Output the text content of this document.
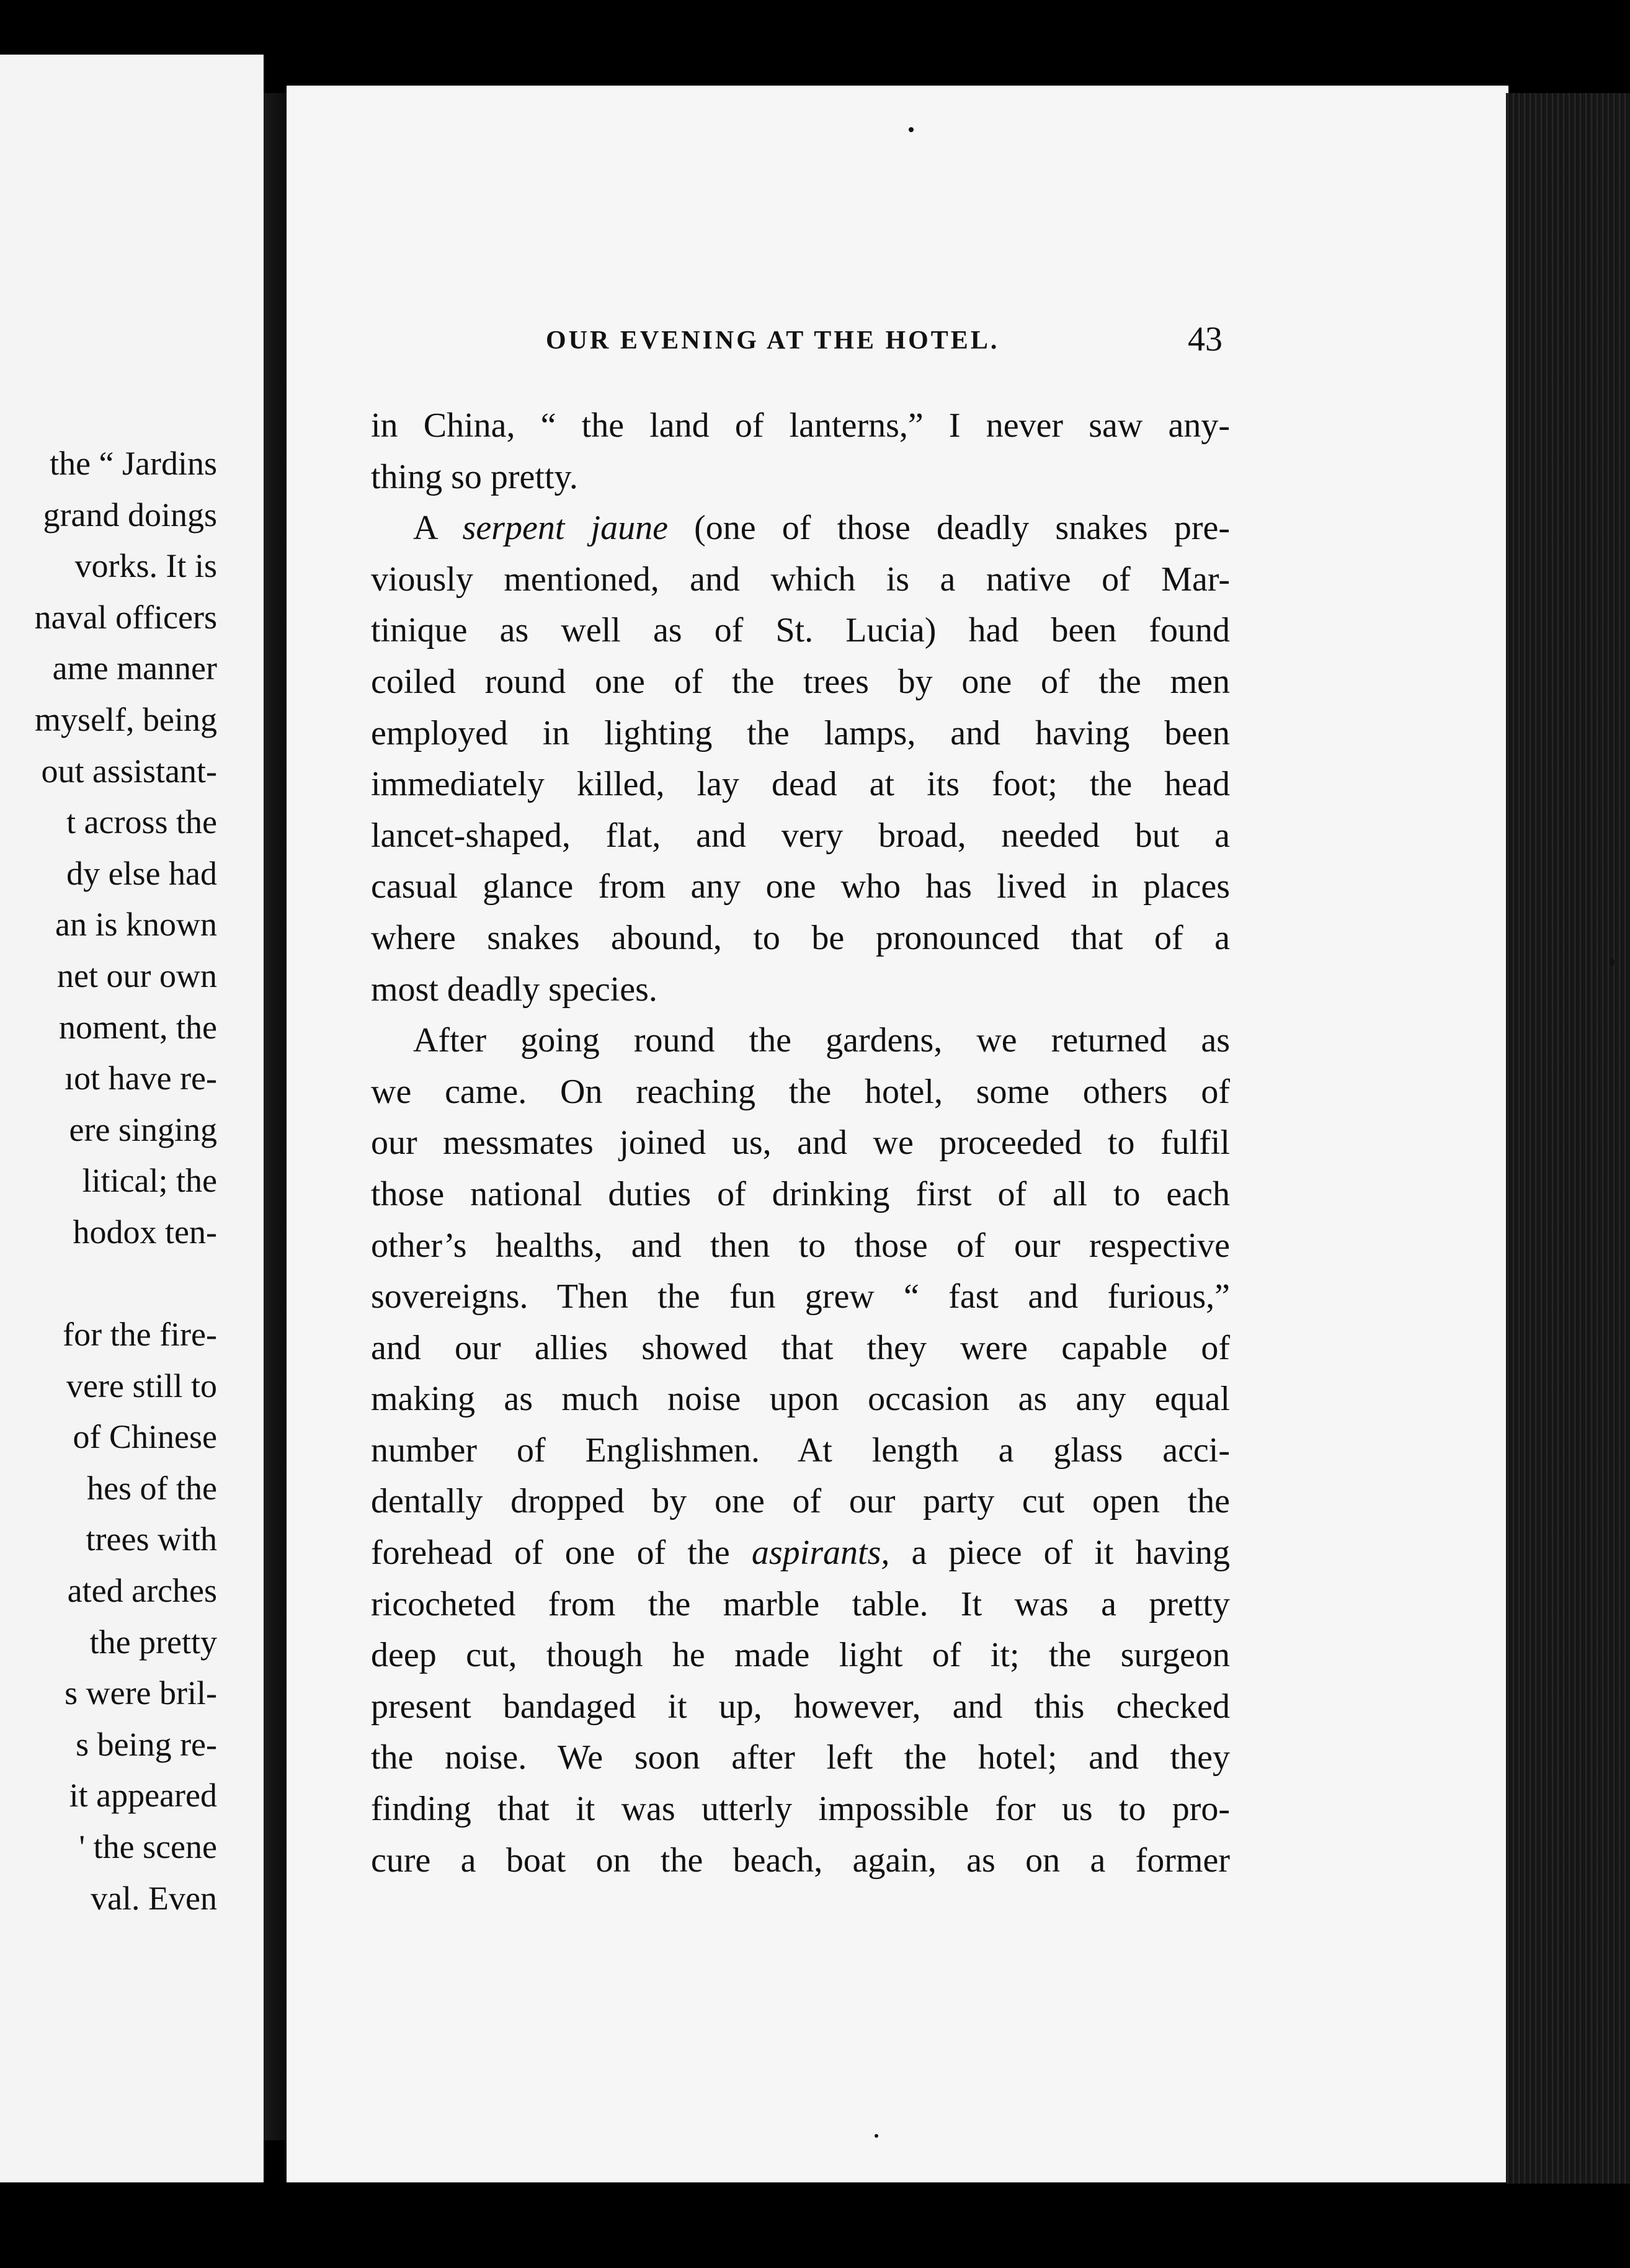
the “ Jardins
grand doings
vorks. It is
naval officers
ame manner
myself, being
out assistant-
t across the
dy else had
an is known
net our own
noment, the
ıot have re-
ere singing
litical; the
hodox ten-
for the fire-
vere still to
of Chinese
hes of the
trees with
ated arches
the pretty
s were bril-
s being re-
it appeared
' the scene
val. Even
OUR EVENING AT THE HOTEL.	43
in China, “ the land of lanterns,” I never saw any-
thing so pretty.
A serpent jaune (one of those deadly snakes pre-
viously mentioned, and which is a native of Mar-
tinique as well as of St. Lucia) had been found
coiled round one of the trees by one of the men
employed in lighting the lamps, and having been
immediately killed, lay dead at its foot; the head
lancet-shaped, flat, and very broad, needed but a
casual glance from any one who has lived in places
where snakes abound, to be pronounced that of a
most deadly species.
After going round the gardens, we returned as
we came. On reaching the hotel, some others of
our messmates joined us, and we proceeded to fulfil
those national duties of drinking first of all to each
other’s healths, and then to those of our respective
sovereigns. Then the fun grew “ fast and furious,”
and our allies showed that they were capable of
making as much noise upon occasion as any equal
number of Englishmen. At length a glass acci-
dentally dropped by one of our party cut open the
forehead of one of the aspirants, a piece of it having
ricocheted from the marble table. It was a pretty
deep cut, though he made light of it; the surgeon
present bandaged it up, however, and this checked
the noise. We soon after left the hotel; and they
finding that it was utterly impossible for us to pro-
cure a boat on the beach, again, as on a former
